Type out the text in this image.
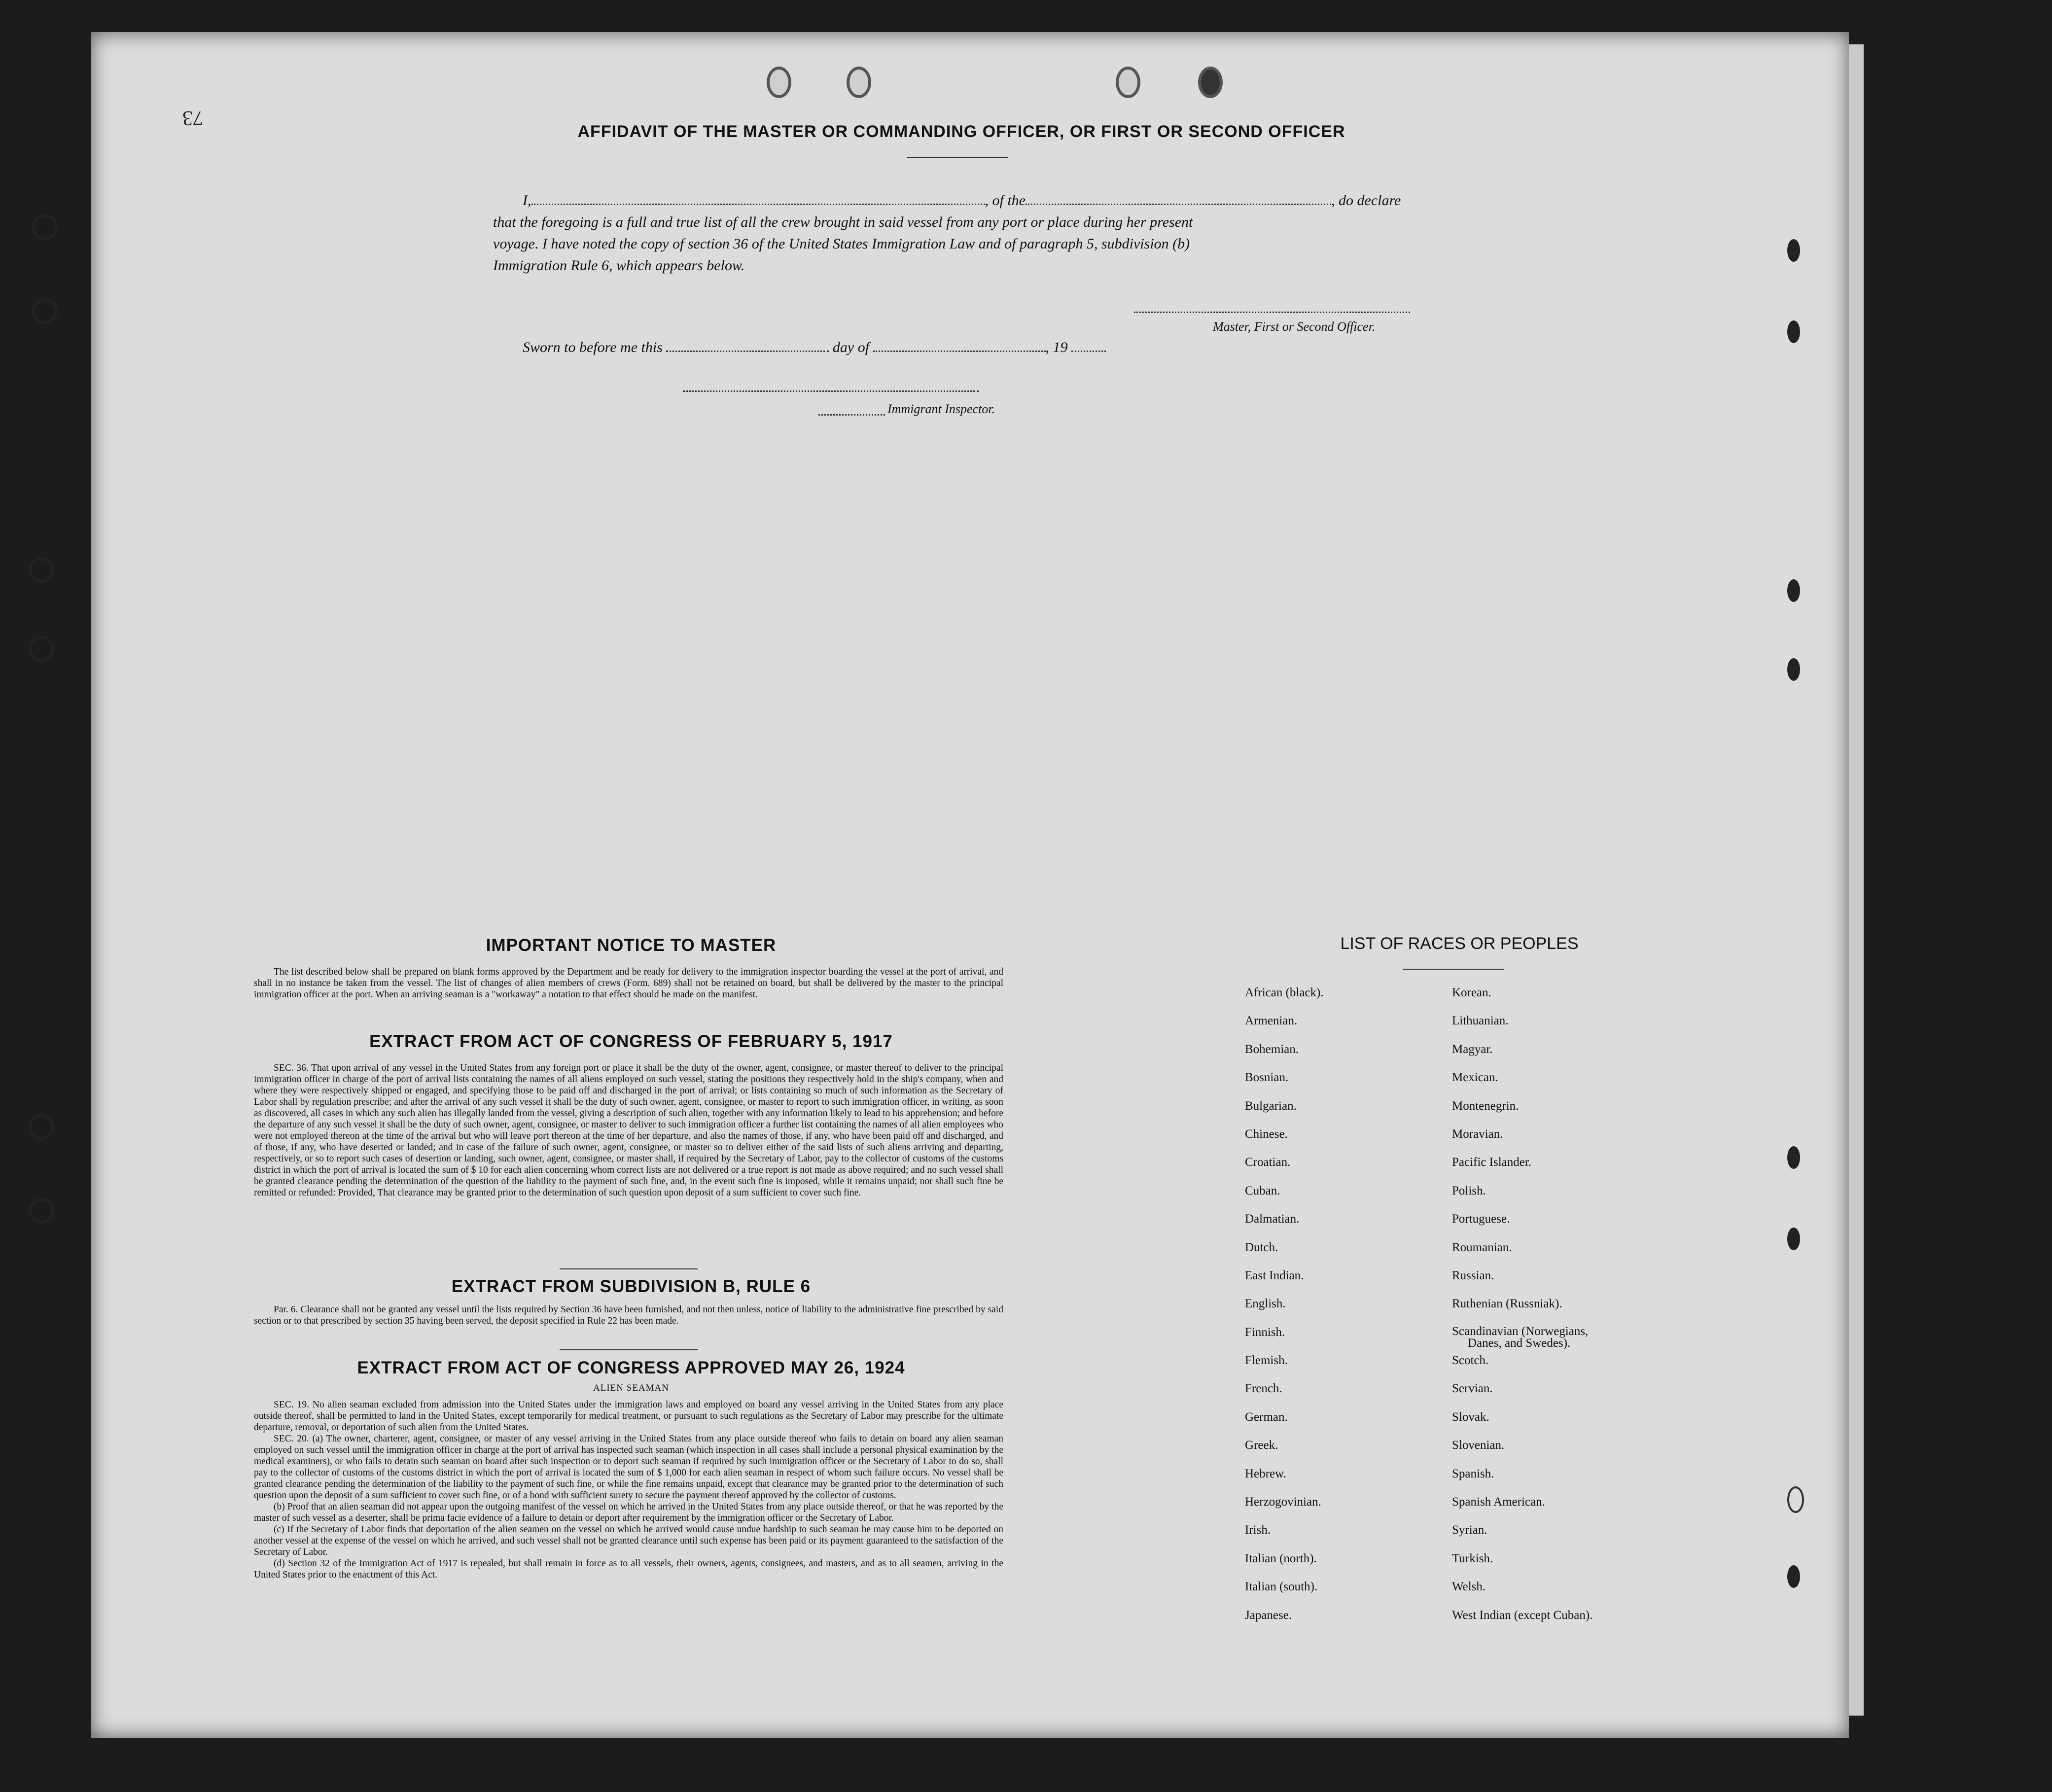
73
AFFIDAVIT OF THE MASTER OR COMMANDING OFFICER, OR FIRST OR SECOND OFFICER
I,	, of the	, do declare
that the foregoing is a full and true list of all the crew brought in said vessel from any port or place during her present
voyage. I have noted the copy of section 36 of the United States Immigration Law and of paragraph 5, subdivision (b)
Immigration Rule 6, which appears below.
Master, First or Second Officer.
Sworn to before me this	day of	, 19
Immigrant Inspector.
IMPORTANT NOTICE TO MASTER

The list described below shall be prepared on blank forms approved by the Department and be ready for delivery to the immigration inspector boarding the vessel at the port of arrival, and shall in no instance be taken from the vessel. The list of changes of alien members of crews (Form. 689) shall not be retained on board, but shall be delivered by the master to the principal immigration officer at the port. When an arriving seaman is a "workaway" a notation to that effect should be made on the manifest.

EXTRACT FROM ACT OF CONGRESS OF FEBRUARY 5, 1917

SEC. 36. That upon arrival of any vessel in the United States from any foreign port or place it shall be the duty of the owner, agent, consignee, or master thereof to deliver to the principal immigration officer in charge of the port of arrival lists containing the names of all aliens employed on such vessel, stating the positions they respectively hold in the ship's company, when and where they were respectively shipped or engaged, and specifying those to be paid off and discharged in the port of arrival; or lists containing so much of such information as the Secretary of Labor shall by regulation prescribe; and after the arrival of any such vessel it shall be the duty of such owner, agent, consignee, or master to report to such immigration officer, in writing, as soon as discovered, all cases in which any such alien has illegally landed from the vessel, giving a description of such alien, together with any information likely to lead to his apprehension; and before the departure of any such vessel it shall be the duty of such owner, agent, consignee, or master to deliver to such immigration officer a further list containing the names of all alien employees who were not employed thereon at the time of the arrival but who will leave port thereon at the time of her departure, and also the names of those, if any, who have been paid off and discharged, and of those, if any, who have deserted or landed; and in case of the failure of such owner, agent, consignee, or master so to deliver either of the said lists of such aliens arriving and departing, respectively, or so to report such cases of desertion or landing, such owner, agent, consignee, or master shall, if required by the Secretary of Labor, pay to the collector of customs of the customs district in which the port of arrival is located the sum of $ 10 for each alien concerning whom correct lists are not delivered or a true report is not made as above required; and no such vessel shall be granted clearance pending the determination of the question of the liability to the payment of such fine, and, in the event such fine is imposed, while it remains unpaid; nor shall such fine be remitted or refunded: Provided, That clearance may be granted prior to the determination of such question upon deposit of a sum sufficient to cover such fine.

EXTRACT FROM SUBDIVISION B, RULE 6

Par. 6. Clearance shall not be granted any vessel until the lists required by Section 36 have been furnished, and not then unless, notice of liability to the administrative fine prescribed by said section or to that prescribed by section 35 having been served, the deposit specified in Rule 22 has been made.

EXTRACT FROM ACT OF CONGRESS APPROVED MAY 26, 1924
ALIEN SEAMAN

SEC. 19. No alien seaman excluded from admission into the United States under the immigration laws and employed on board any vessel arriving in the United States from any place outside thereof, shall be permitted to land in the United States, except temporarily for medical treatment, or pursuant to such regulations as the Secretary of Labor may prescribe for the ultimate departure, removal, or deportation of such alien from the United States.

SEC. 20. (a) The owner, charterer, agent, consignee, or master of any vessel arriving in the United States from any place outside thereof who fails to detain on board any alien seaman employed on such vessel until the immigration officer in charge at the port of arrival has inspected such seaman (which inspection in all cases shall include a personal physical examination by the medical examiners), or who fails to detain such seaman on board after such inspection or to deport such seaman if required by such immigration officer or the Secretary of Labor to do so, shall pay to the collector of customs of the customs district in which the port of arrival is located the sum of $ 1,000 for each alien seaman in respect of whom such failure occurs. No vessel shall be granted clearance pending the determination of the liability to the payment of such fine, or while the fine remains unpaid, except that clearance may be granted prior to the determination of such question upon the deposit of a sum sufficient to cover such fine, or of a bond with sufficient surety to secure the payment thereof approved by the collector of customs.

(b) Proof that an alien seaman did not appear upon the outgoing manifest of the vessel on which he arrived in the United States from any place outside thereof, or that he was reported by the master of such vessel as a deserter, shall be prima facie evidence of a failure to detain or deport after requirement by the immigration officer or the Secretary of Labor.

(c) If the Secretary of Labor finds that deportation of the alien seamen on the vessel on which he arrived would cause undue hardship to such seaman he may cause him to be deported on another vessel at the expense of the vessel on which he arrived, and such vessel shall not be granted clearance until such expense has been paid or its payment guaranteed to the satisfaction of the Secretary of Labor.

(d) Section 32 of the Immigration Act of 1917 is repealed, but shall remain in force as to all vessels, their owners, agents, consignees, and masters, and as to all seamen, arriving in the United States prior to the enactment of this Act.

LIST OF RACES OR PEOPLES
African (black).
Armenian.
Bohemian.
Bosnian.
Bulgarian.
Chinese.
Croatian.
Cuban.
Dalmatian.
Dutch.
East Indian.
English.
Finnish.
Flemish.
French.
German.
Greek.
Hebrew.
Herzogovinian.
Irish.
Italian (north).
Italian (south).
Japanese.
Korean.
Lithuanian.
Magyar.
Mexican.
Montenegrin.
Moravian.
Pacific Islander.
Polish.
Portuguese.
Roumanian.
Russian.
Ruthenian (Russniak).
Scandinavian (Norwegians,
Danes, and Swedes).
Scotch.
Servian.
Slovak.
Slovenian.
Spanish.
Spanish American.
Syrian.
Turkish.
Welsh.
West Indian (except Cuban).
